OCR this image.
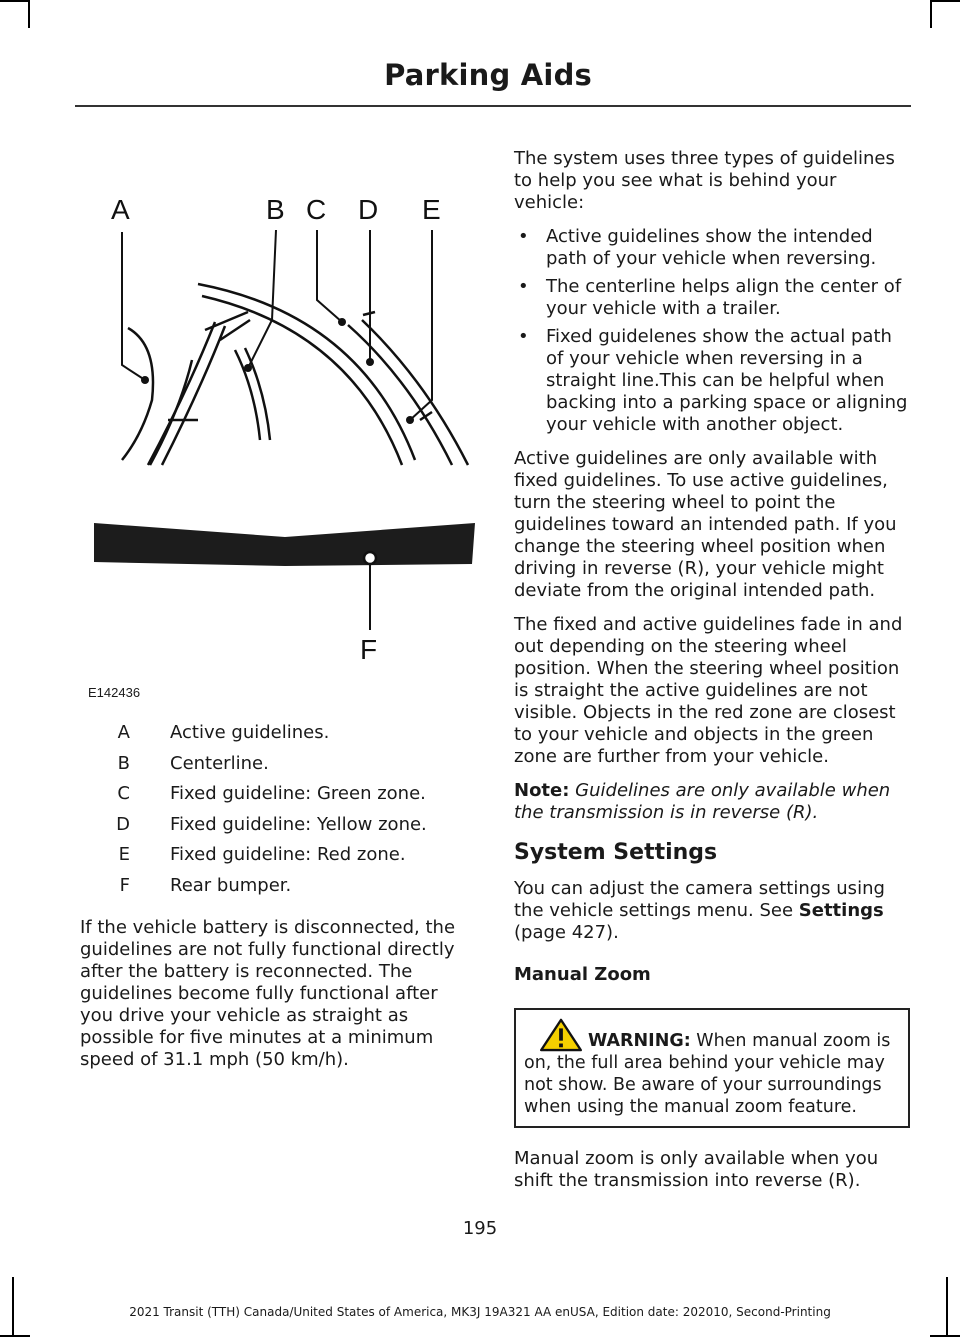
Parking Aids
A	B C D E
F
E142436
A	Active guidelines.
B	Centerline.
C	Fixed guideline: Green zone.
D	Fixed guideline: Yellow zone.
E	Fixed guideline: Red zone.
F	Rear bumper.

If the vehicle battery is disconnected, the guidelines are not fully functional directly after the battery is reconnected. The guidelines become fully functional after you drive your vehicle as straight as possible for five minutes at a minimum speed of 31.1 mph (50 km/h).

The system uses three types of guidelines to help you see what is behind your vehicle:

• Active guidelines show the intended path of your vehicle when reversing.
• The centerline helps align the center of your vehicle with a trailer.
• Fixed guidelenes show the actual path of your vehicle when reversing in a straight line.This can be helpful when backing into a parking space or aligning your vehicle with another object.

Active guidelines are only available with fixed guidelines. To use active guidelines, turn the steering wheel to point the guidelines toward an intended path. If you change the steering wheel position when driving in reverse (R), your vehicle might deviate from the original intended path.

The fixed and active guidelines fade in and out depending on the steering wheel position. When the steering wheel position is straight the active guidelines are not visible. Objects in the red zone are closest to your vehicle and objects in the green zone are further from your vehicle.

Note: Guidelines are only available when the transmission is in reverse (R).

System Settings

You can adjust the camera settings using the vehicle settings menu. See Settings (page 427).

Manual Zoom
WARNING: When manual zoom is on, the full area behind your vehicle may not show. Be aware of your surroundings when using the manual zoom feature.

Manual zoom is only available when you shift the transmission into reverse (R).

195
2021 Transit (TTH) Canada/United States of America, MK3J 19A321 AA enUSA, Edition date: 202010, Second-Printing
